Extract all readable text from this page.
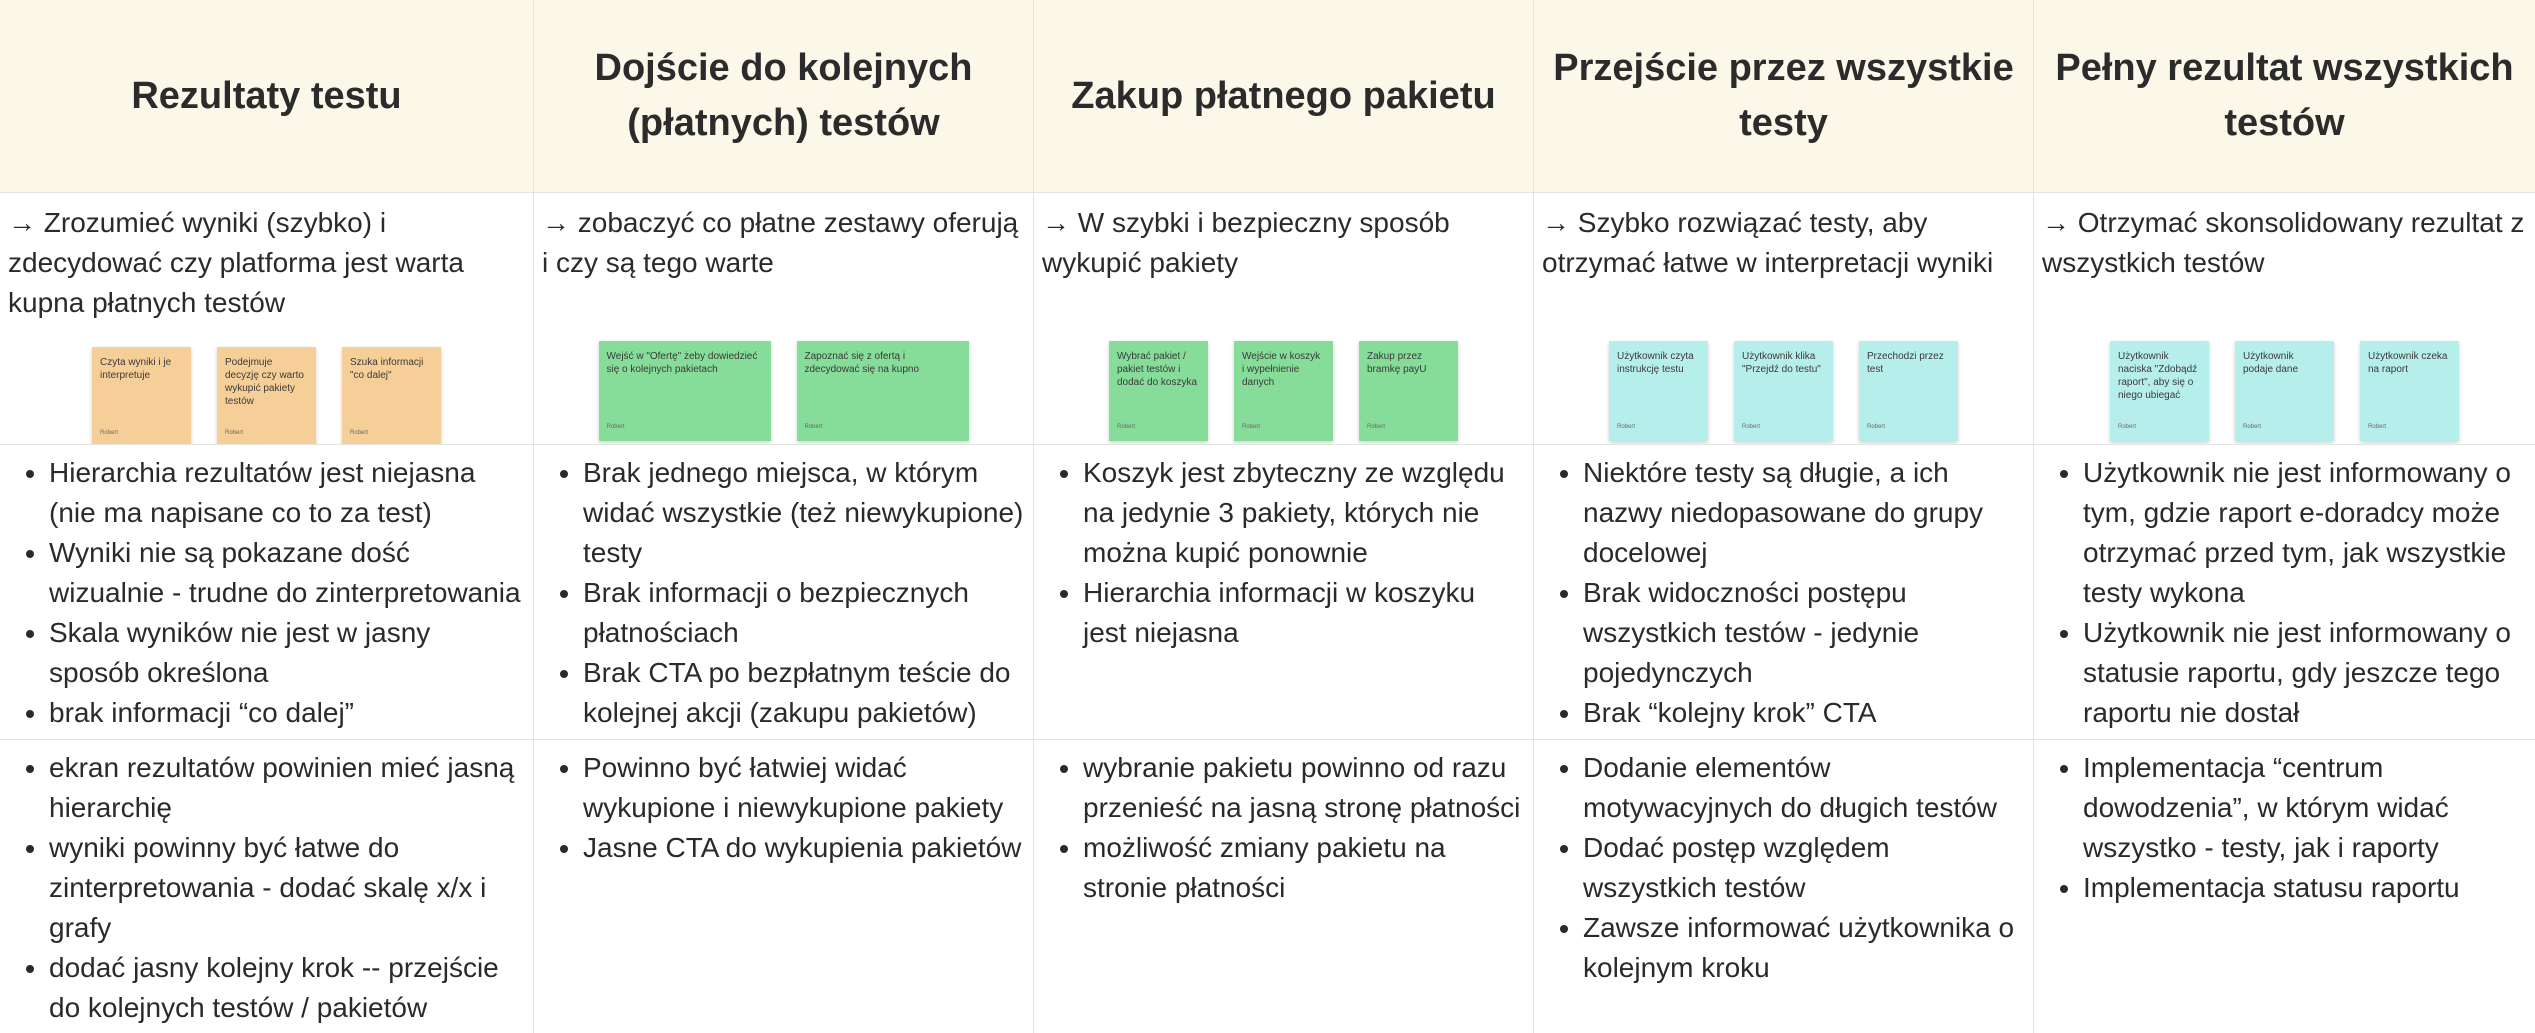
Rezultaty testu
Dojście do kolejnych (płatnych) testów
Zakup płatnego pakietu
Przejście przez wszystkie testy
Pełny rezultat wszystkich testów

→ Zrozumieć wyniki (szybko) i zdecydować czy platforma jest warta kupna płatnych testów

Czyta wyniki i je interpretuje
Robert
Podejmuje decyzję czy warto wykupić pakiety testów
Robert
Szuka informacji "co dalej"
Robert

→ zobaczyć co płatne zestawy oferują i czy są tego warte

Wejść w "Ofertę" żeby dowiedzieć się o kolejnych pakietach
Robert
Zapoznać się z ofertą i zdecydować się na kupno
Robert

→ W szybki i bezpieczny sposób wykupić pakiety

Wybrać pakiet / pakiet testów i dodać do koszyka
Robert
Wejście w koszyk i wypełnienie danych
Robert
Zakup przez bramkę payU
Robert

→ Szybko rozwiązać testy, aby otrzymać łatwe w interpretacji wyniki

Użytkownik czyta instrukcję testu
Robert
Użytkownik klika "Przejdź do testu"
Robert
Przechodzi przez test
Robert

→ Otrzymać skonsolidowany rezultat z wszystkich testów

Użytkownik naciska "Zdobądź raport", aby się o niego ubiegać
Robert
Użytkownik podaje dane
Robert
Użytkownik czeka na raport
Robert
• Hierarchia rezultatów jest niejasna (nie ma napisane co to za test)
• Wyniki nie są pokazane dość wizualnie - trudne do zinterpretowania
• Skala wyników nie jest w jasny sposób określona
• brak informacji “co dalej”
• Brak jednego miejsca, w którym widać wszystkie (też niewykupione) testy
• Brak informacji o bezpiecznych płatnościach
• Brak CTA po bezpłatnym teście do kolejnej akcji (zakupu pakietów)
• Koszyk jest zbyteczny ze względu na jedynie 3 pakiety, których nie można kupić ponownie
• Hierarchia informacji w koszyku jest niejasna
• Niektóre testy są długie, a ich nazwy niedopasowane do grupy docelowej
• Brak widoczności postępu wszystkich testów - jedynie pojedynczych
• Brak “kolejny krok” CTA
• Użytkownik nie jest informowany o tym, gdzie raport e-doradcy może otrzymać przed tym, jak wszystkie testy wykona
• Użytkownik nie jest informowany o statusie raportu, gdy jeszcze tego raportu nie dostał
• ekran rezultatów powinien mieć jasną hierarchię
• wyniki powinny być łatwe do zinterpretowania - dodać skalę x/x i grafy
• dodać jasny kolejny krok -- przejście do kolejnych testów / pakietów
• Powinno być łatwiej widać wykupione i niewykupione pakiety
• Jasne CTA do wykupienia pakietów
• wybranie pakietu powinno od razu przenieść na jasną stronę płatności
• możliwość zmiany pakietu na stronie płatności
• Dodanie elementów motywacyjnych do długich testów
• Dodać postęp względem wszystkich testów
• Zawsze informować użytkownika o kolejnym kroku
• Implementacja “centrum dowodzenia”, w którym widać wszystko - testy, jak i raporty
• Implementacja statusu raportu
